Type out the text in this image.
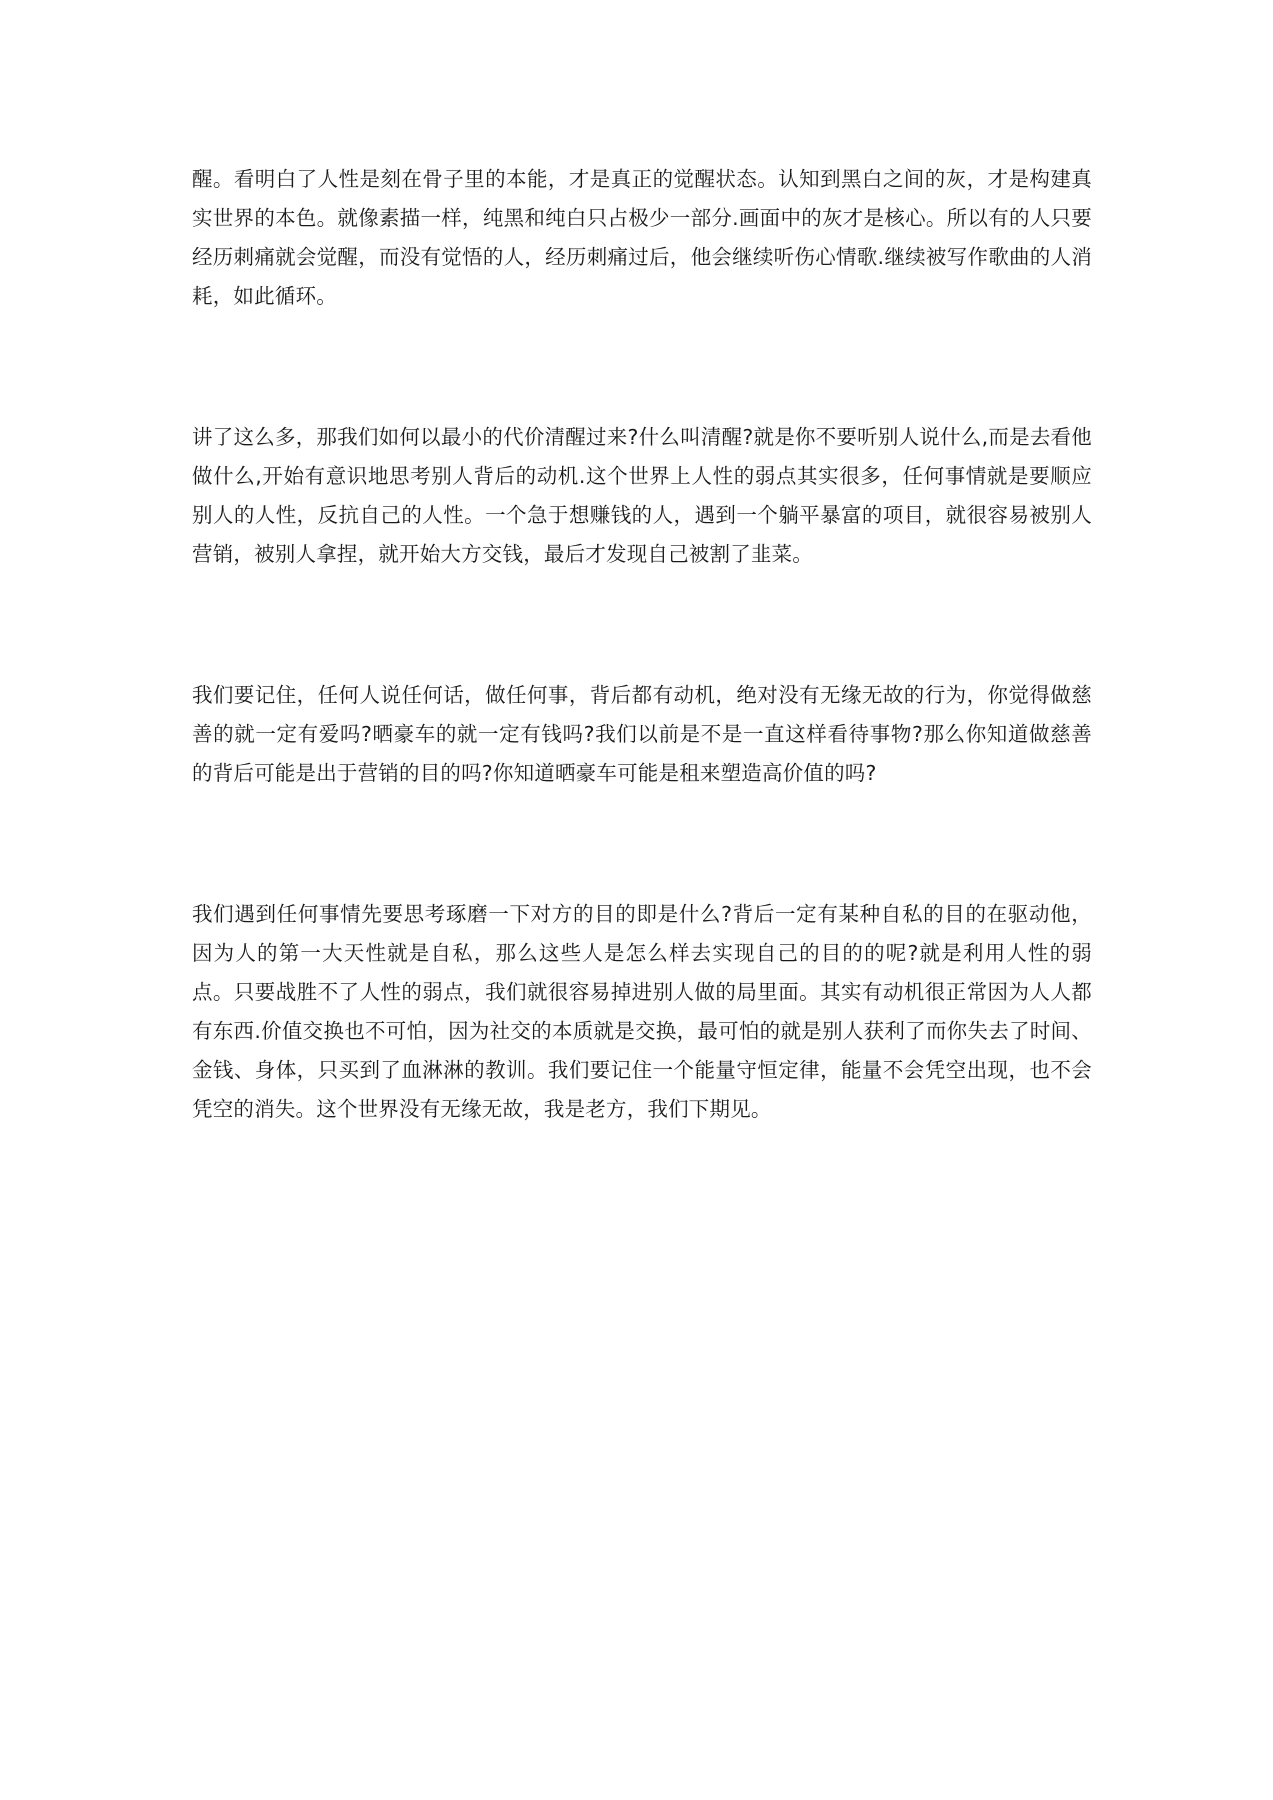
醒。看明白了人性是刻在骨子里的本能，才是真正的觉醒状态。认知到黑白之间的灰，才是构建真实世界的本色。就像素描一样，纯黑和纯白只占极少一部分.画面中的灰才是核心。所以有的人只要经历刺痛就会觉醒，而没有觉悟的人，经历刺痛过后，他会继续听伤心情歌.继续被写作歌曲的人消耗，如此循环。

讲了这么多，那我们如何以最小的代价清醒过来?什么叫清醒?就是你不要听别人说什么,而是去看他做什么,开始有意识地思考别人背后的动机.这个世界上人性的弱点其实很多，任何事情就是要顺应别人的人性，反抗自己的人性。一个急于想赚钱的人，遇到一个躺平暴富的项目，就很容易被别人营销，被别人拿捏，就开始大方交钱，最后才发现自己被割了韭菜。

我们要记住，任何人说任何话，做任何事，背后都有动机，绝对没有无缘无故的行为，你觉得做慈善的就一定有爱吗?晒豪车的就一定有钱吗?我们以前是不是一直这样看待事物?那么你知道做慈善的背后可能是出于营销的目的吗?你知道晒豪车可能是租来塑造高价值的吗?

我们遇到任何事情先要思考琢磨一下对方的目的即是什么?背后一定有某种自私的目的在驱动他，因为人的第一大天性就是自私，那么这些人是怎么样去实现自己的目的的呢?就是利用人性的弱点。只要战胜不了人性的弱点，我们就很容易掉进别人做的局里面。其实有动机很正常因为人人都有东西.价值交换也不可怕，因为社交的本质就是交换，最可怕的就是别人获利了而你失去了时间、金钱、身体，只买到了血淋淋的教训。我们要记住一个能量守恒定律，能量不会凭空出现，也不会凭空的消失。这个世界没有无缘无故，我是老方，我们下期见。
